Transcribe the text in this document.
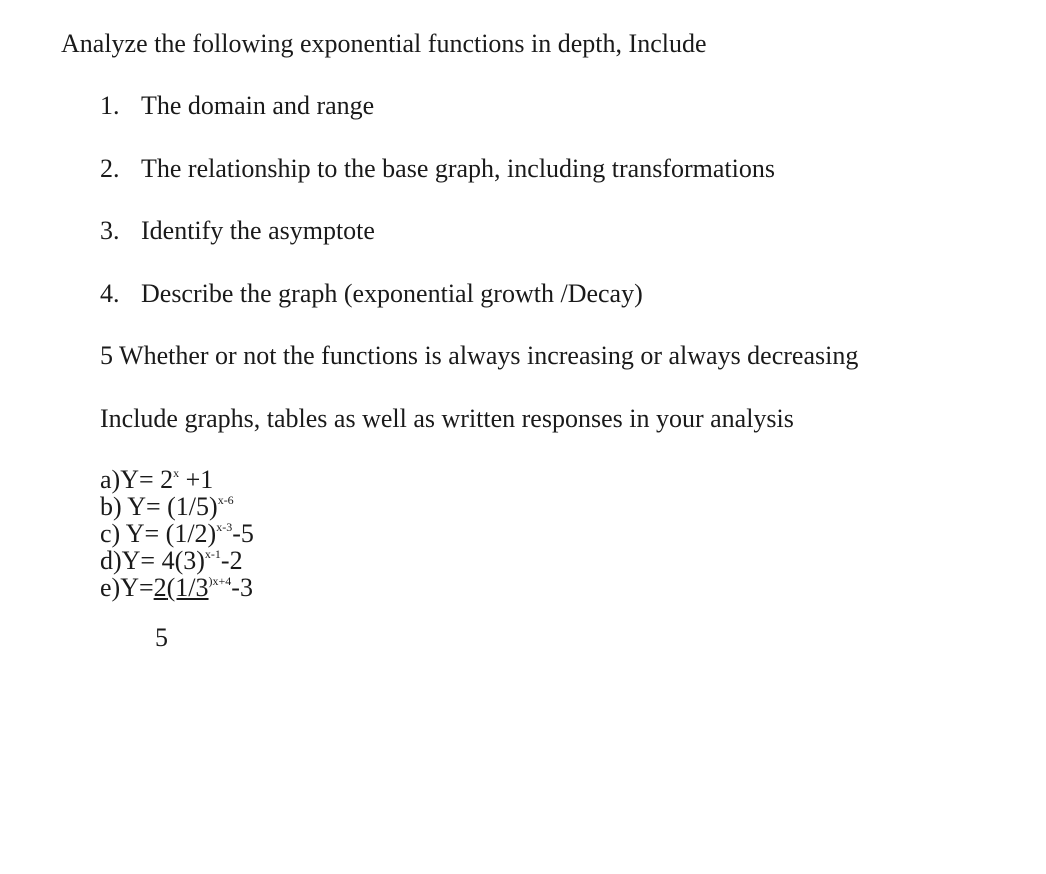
Analyze the following exponential functions in depth, Include
1. The domain and range
2. The relationship to the base graph, including transformations
3. Identify the asymptote
4. Describe the graph (exponential growth /Decay)
5 Whether or not the functions is always increasing or always decreasing
Include graphs, tables as well as written responses in your analysis
$a)Y= 2^x +1$
b) $Y= (1/5)^{x-6}$
c) $Y= (1/2)^{x-3}-5$
$d)Y= 4(3)^{x-1}-2$
$e)Y=2(1/3^{)x+4}-3$
5
